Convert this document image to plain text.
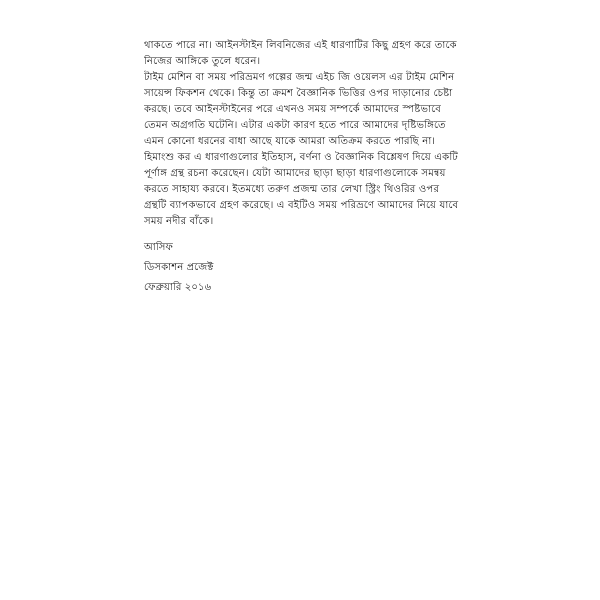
থাকতে পারে না। আইনস্টাইন লিবনিজের এই ধারণাটির কিছু গ্রহণ করে তাকে
নিজের আঙ্গিকে তুলে ধরেন।
টাইম মেশিন বা সময় পরিভ্রমণ গল্পের জন্ম এইচ জি ওয়েলস এর টাইম মেশিন
সায়েন্স ফিকশন থেকে। কিন্তু তা ক্রমশ বৈজ্ঞানিক ভিত্তির ওপর দাড়ানোর চেষ্টা
করছে। তবে আইনস্টাইনের পরে এখনও সময় সম্পর্কে আমাদের স্পষ্টভাবে
তেমন অগ্রগতি ঘটেনি। এটার একটা কারণ হতে পারে আমাদের দৃষ্টিভঙ্গিতে
এমন কোনো ধরনের বাধা আছে যাকে আমরা অতিক্রম করতে পারছি না।
হিমাংশু কর এ ধারণাগুলোর ইতিহাস, বর্ণনা ও বৈজ্ঞানিক বিশ্লেষণ দিয়ে একটি
পূর্ণাঙ্গ গ্রন্থ রচনা করেছেন। যেটা আমাদের ছাড়া ছাড়া ধারণাগুলোকে সমন্বয়
করতে সাহায্য করবে। ইতমধ্যে তরুণ প্রজন্ম তার লেখা স্ট্রিং থিওরির ওপর
গ্রন্থটি ব্যাপকভাবে গ্রহণ করেছে। এ বইটিও সময় পরিভ্রণে আমাদের নিয়ে যাবে
সময় নদীর বাঁকে।
আসিফ
ডিসকাশন প্রজেক্ট
ফেব্রুয়ারি ২০১৬
